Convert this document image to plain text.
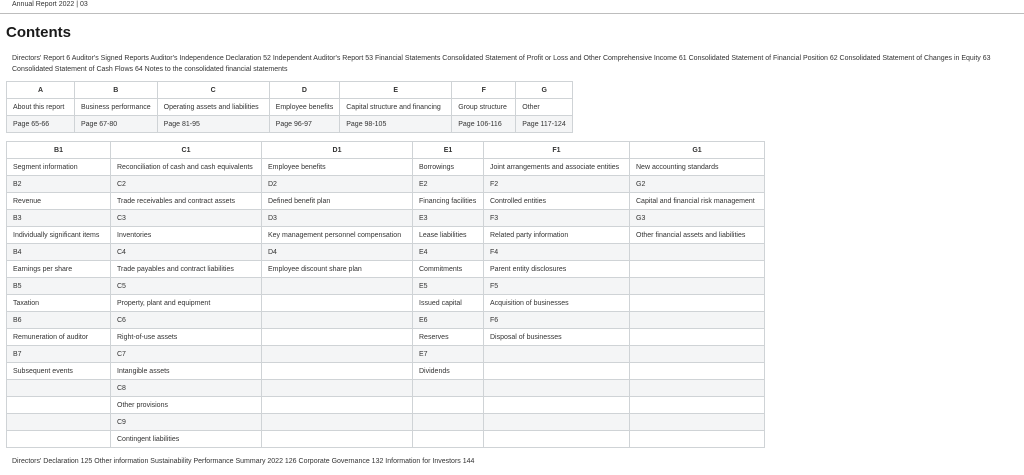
Annual Report 2022 | 03
Contents

Directors' Report 6 Auditor's Signed Reports Auditor's Independence Declaration 52 Independent Auditor's Report 53 Financial Statements Consolidated Statement of Profit or Loss and Other Comprehensive Income 61 Consolidated Statement of Financial Position 62 Consolidated Statement of Changes in Equity 63 Consolidated Statement of Cash Flows 64 Notes to the consolidated financial statements

A	B	C	D	E	F	G
About this report	Business performance	Operating assets and liabilities	Employee benefits	Capital structure and financing	Group structure	Other
Page 65-66	Page 67-80	Page 81-95	Page 96-97	Page 98-105	Page 106-116	Page 117-124
B1	C1	D1	E1	F1	G1
Segment information	Reconciliation of cash and cash equivalents	Employee benefits	Borrowings	Joint arrangements and associate entities	New accounting standards
B2	C2	D2	E2	F2	G2
Revenue	Trade receivables and contract assets	Defined benefit plan	Financing facilities	Controlled entities	Capital and financial risk management
B3	C3	D3	E3	F3	G3
Individually significant items	Inventories	Key management personnel compensation	Lease liabilities	Related party information	Other financial assets and liabilities
B4	C4	D4	E4	F4	
Earnings per share	Trade payables and contract liabilities	Employee discount share plan	Commitments	Parent entity disclosures	
B5	C5		E5	F5	
Taxation	Property, plant and equipment		Issued capital	Acquisition of businesses	
B6	C6		E6	F6	
Remuneration of auditor	Right-of-use assets		Reserves	Disposal of businesses	
B7	C7		E7		
Subsequent events	Intangible assets		Dividends		
	C8				
	Other provisions				
	C9				
	Contingent liabilities				

Directors' Declaration 125 Other information Sustainability Performance Summary 2022 126 Corporate Governance 132 Information for Investors 144
